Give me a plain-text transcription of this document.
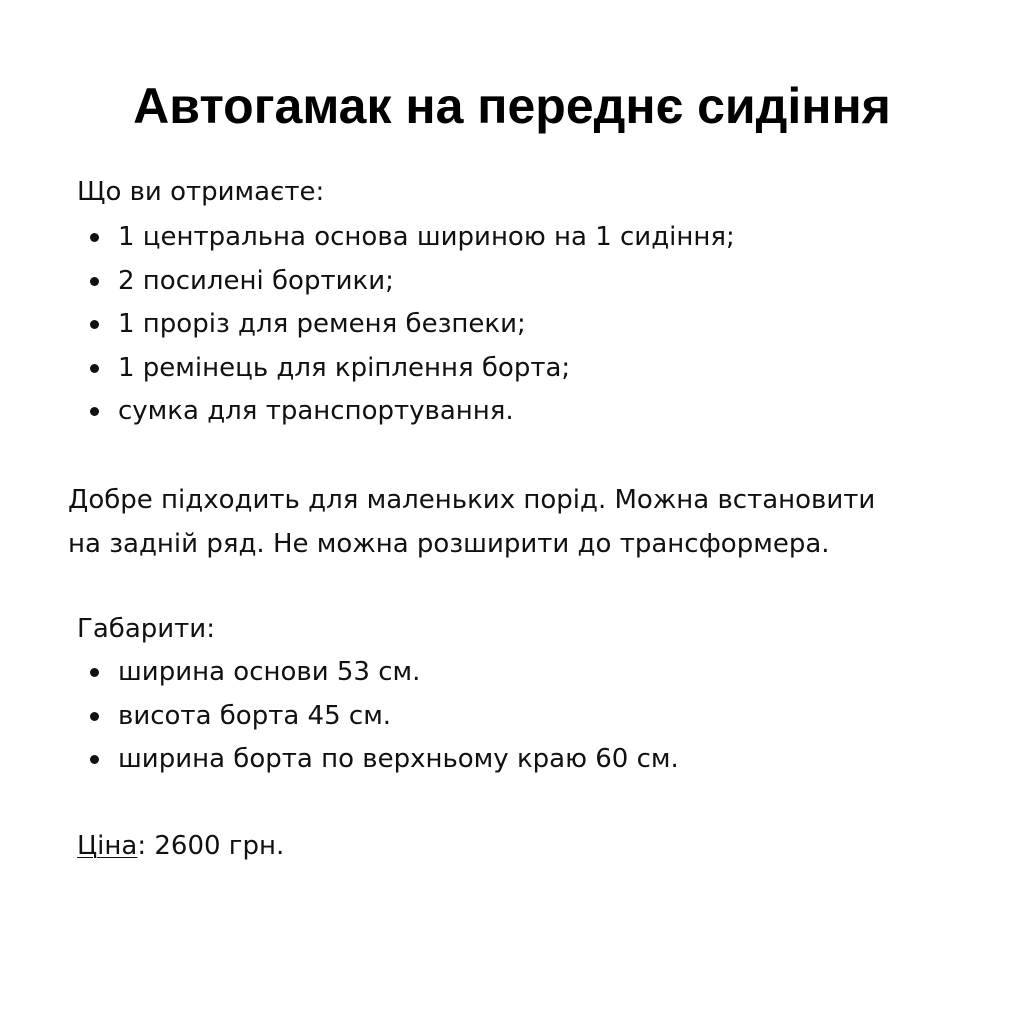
Автогамак на переднє сидіння
Що ви отримаєте:
1 центральна основа шириною на 1 сидіння;
2 посилені бортики;
1 проріз для ременя безпеки;
1 ремінець для кріплення борта;
сумка для транспортування.
Добре підходить для маленьких порід. Можна встановити
на задній ряд. Не можна розширити до трансформера.
Габарити:
ширина основи 53 см.
висота борта 45 см.
ширина борта по верхньому краю 60 см.
Ціна: 2600 грн.
